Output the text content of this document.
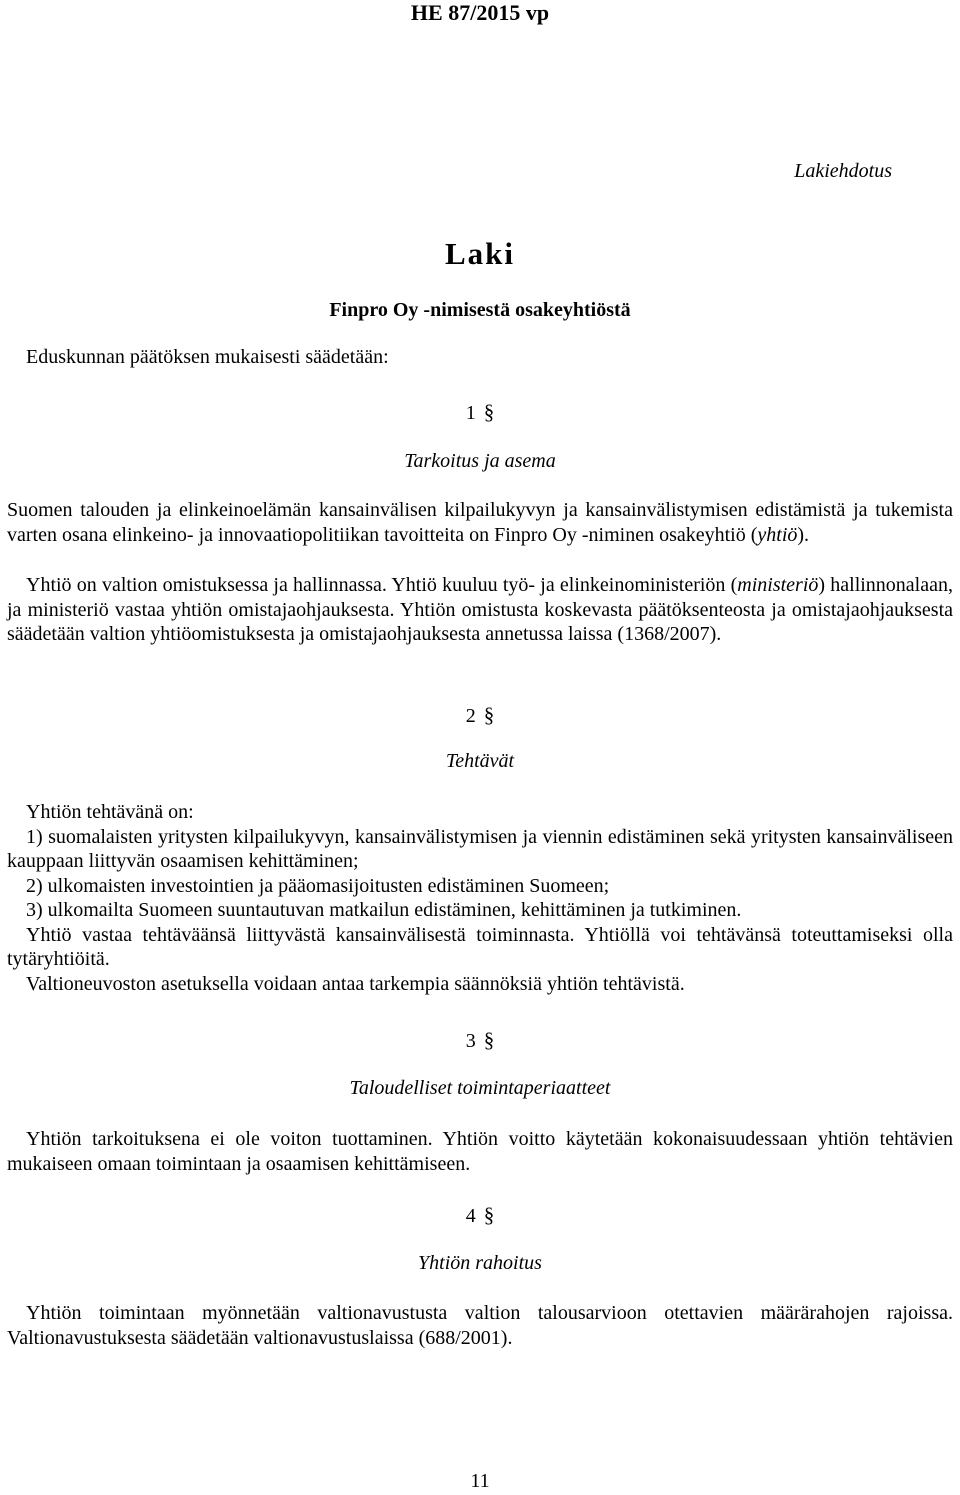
HE 87/2015 vp
Lakiehdotus
Laki
Finpro Oy -nimisestä osakeyhtiöstä
Eduskunnan päätöksen mukaisesti säädetään:
1 §
Tarkoitus ja asema
Suomen talouden ja elinkeinoelämän kansainvälisen kilpailukyvyn ja kansainvälistymisen edistämistä ja tukemista varten osana elinkeino- ja innovaatiopolitiikan tavoitteita on Finpro Oy -niminen osakeyhtiö (yhtiö).
Yhtiö on valtion omistuksessa ja hallinnassa. Yhtiö kuuluu työ- ja elinkeinoministeriön (ministeriö) hallinnonalaan, ja ministeriö vastaa yhtiön omistajaohjauksesta. Yhtiön omistusta koskevasta päätöksenteosta ja omistajaohjauksesta säädetään valtion yhtiöomistuksesta ja omistajaohjauksesta annetussa laissa (1368/2007).
2 §
Tehtävät
Yhtiön tehtävänä on:
1) suomalaisten yritysten kilpailukyvyn, kansainvälistymisen ja viennin edistäminen sekä yritysten kansainväliseen kauppaan liittyvän osaamisen kehittäminen;
2) ulkomaisten investointien ja pääomasijoitusten edistäminen Suomeen;
3) ulkomailta Suomeen suuntautuvan matkailun edistäminen, kehittäminen ja tutkiminen.
Yhtiö vastaa tehtäväänsä liittyvästä kansainvälisestä toiminnasta. Yhtiöllä voi tehtävänsä toteuttamiseksi olla tytäryhtiöitä.
Valtioneuvoston asetuksella voidaan antaa tarkempia säännöksiä yhtiön tehtävistä.
3 §
Taloudelliset toimintaperiaatteet
Yhtiön tarkoituksena ei ole voiton tuottaminen. Yhtiön voitto käytetään kokonaisuudessaan yhtiön tehtävien mukaiseen omaan toimintaan ja osaamisen kehittämiseen.
4 §
Yhtiön rahoitus
Yhtiön toimintaan myönnetään valtionavustusta valtion talousarvioon otettavien määrärahojen rajoissa. Valtionavustuksesta säädetään valtionavustuslaissa (688/2001).
11
